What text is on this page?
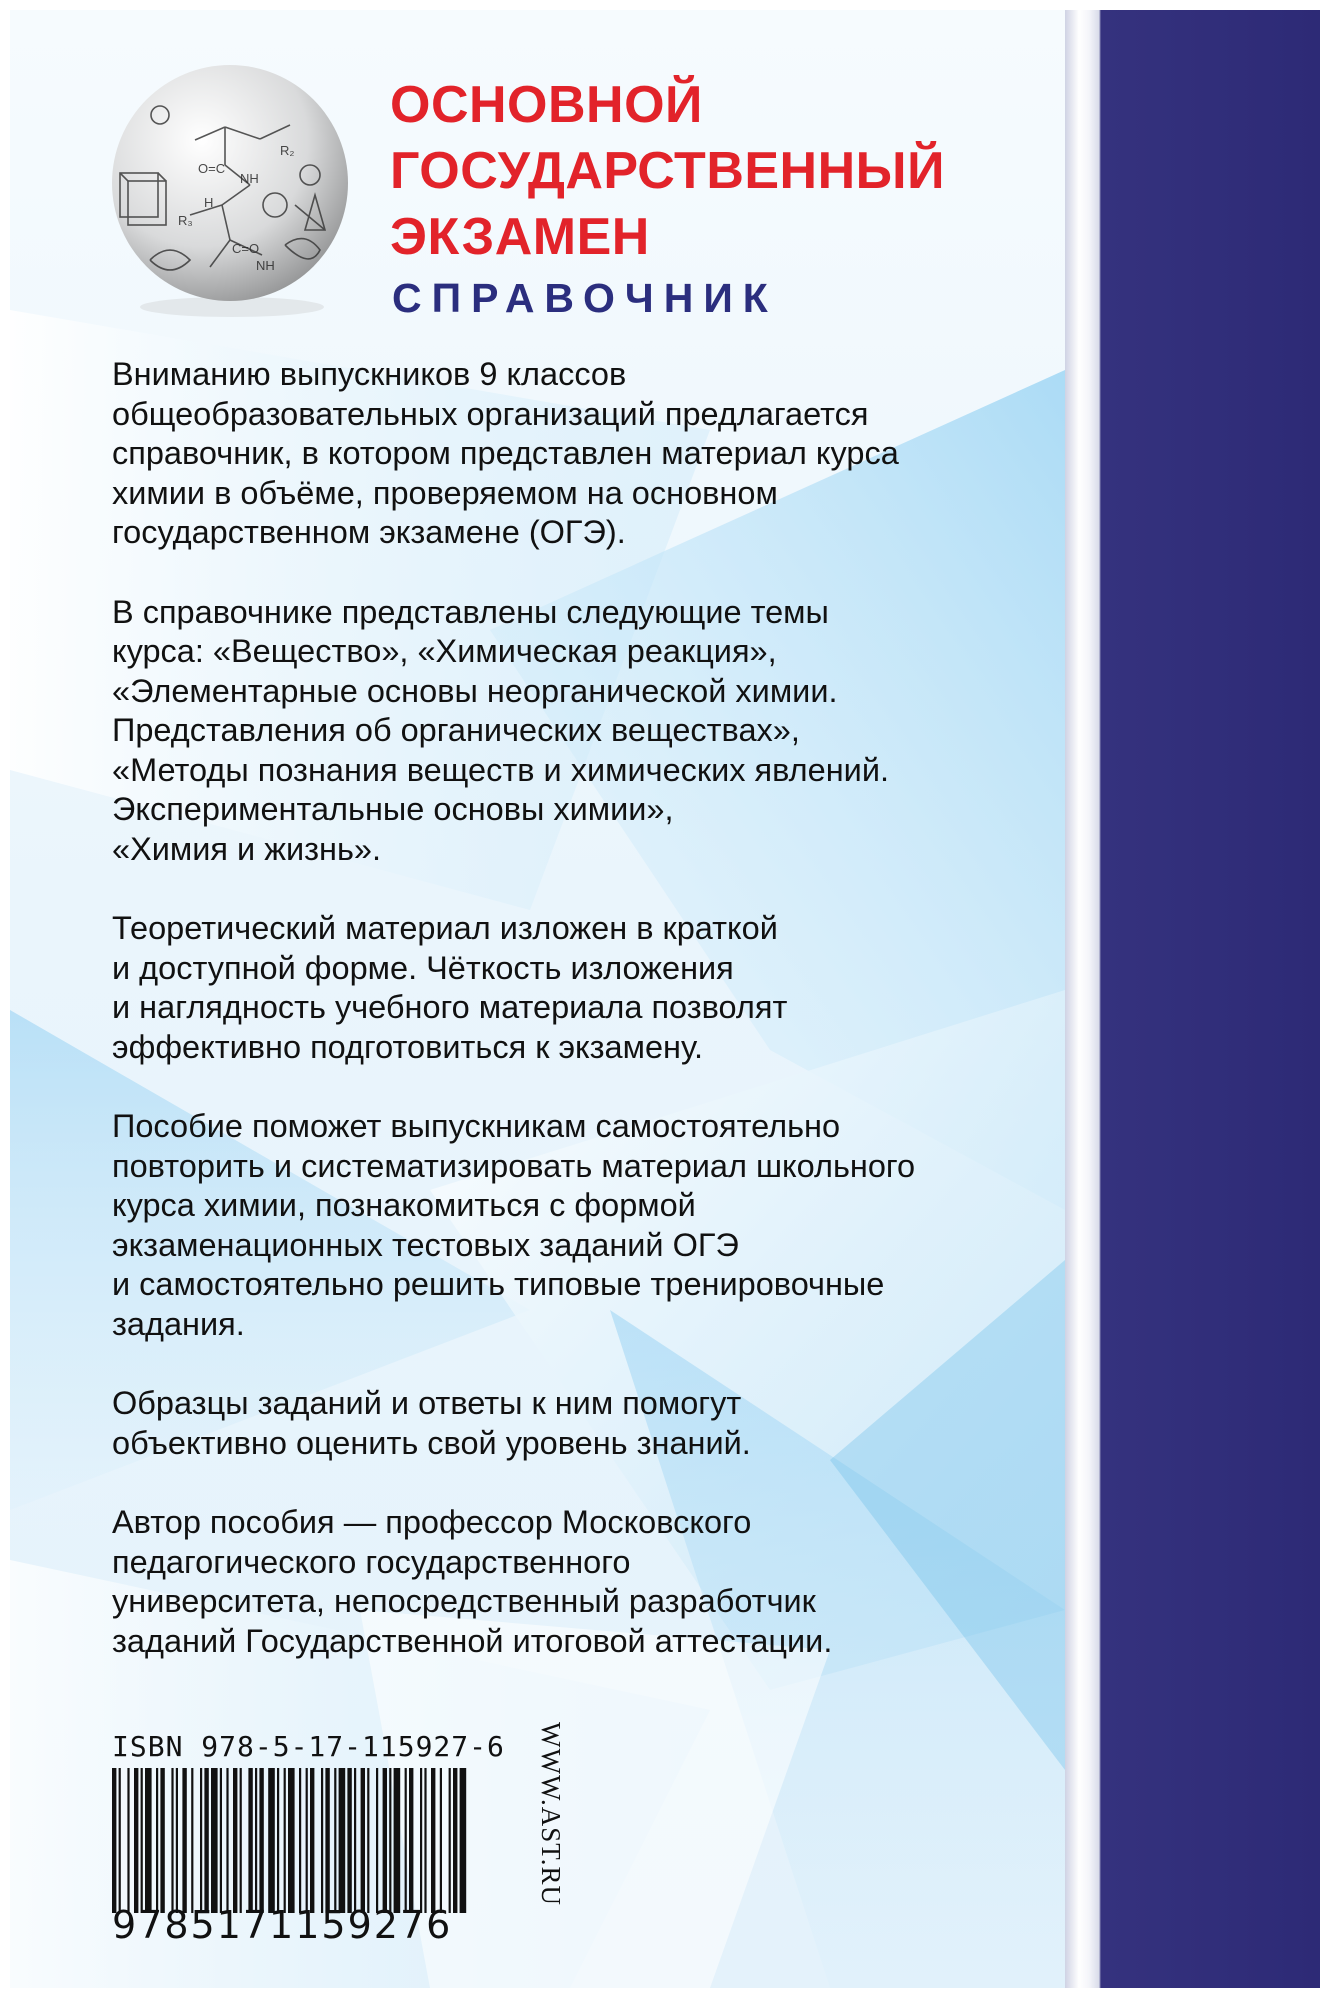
O=C
NH
H
R₃
C=O
NH
R₂
ОСНОВНОЙ
ГОСУДАРСТВЕННЫЙ
ЭКЗАМЕН
СПРАВОЧНИК

Вниманию выпускников 9 классов
общеобразовательных организаций предлагается
справочник, в котором представлен материал курса
химии в объёме, проверяемом на основном
государственном экзамене (ОГЭ).

В справочнике представлены следующие темы
курса: «Вещество», «Химическая реакция»,
«Элементарные основы неорганической химии.
Представления об органических веществах»,
«Методы познания веществ и химических явлений.
Экспериментальные основы химии»,
«Химия и жизнь».

Теоретический материал изложен в краткой
и доступной форме. Чёткость изложения
и наглядность учебного материала позволят
эффективно подготовиться к экзамену.

Пособие поможет выпускникам самостоятельно
повторить и систематизировать материал школьного
курса химии, познакомиться с формой
экзаменационных тестовых заданий ОГЭ
и самостоятельно решить типовые тренировочные
задания.

Образцы заданий и ответы к ним помогут
объективно оценить свой уровень знаний.

Автор пособия — профессор Московского
педагогического государственного
университета, непосредственный разработчик
заданий Государственной итоговой аттестации.

ISBN 978-5-17-115927-6
9785171159276
WWW.AST.RU
